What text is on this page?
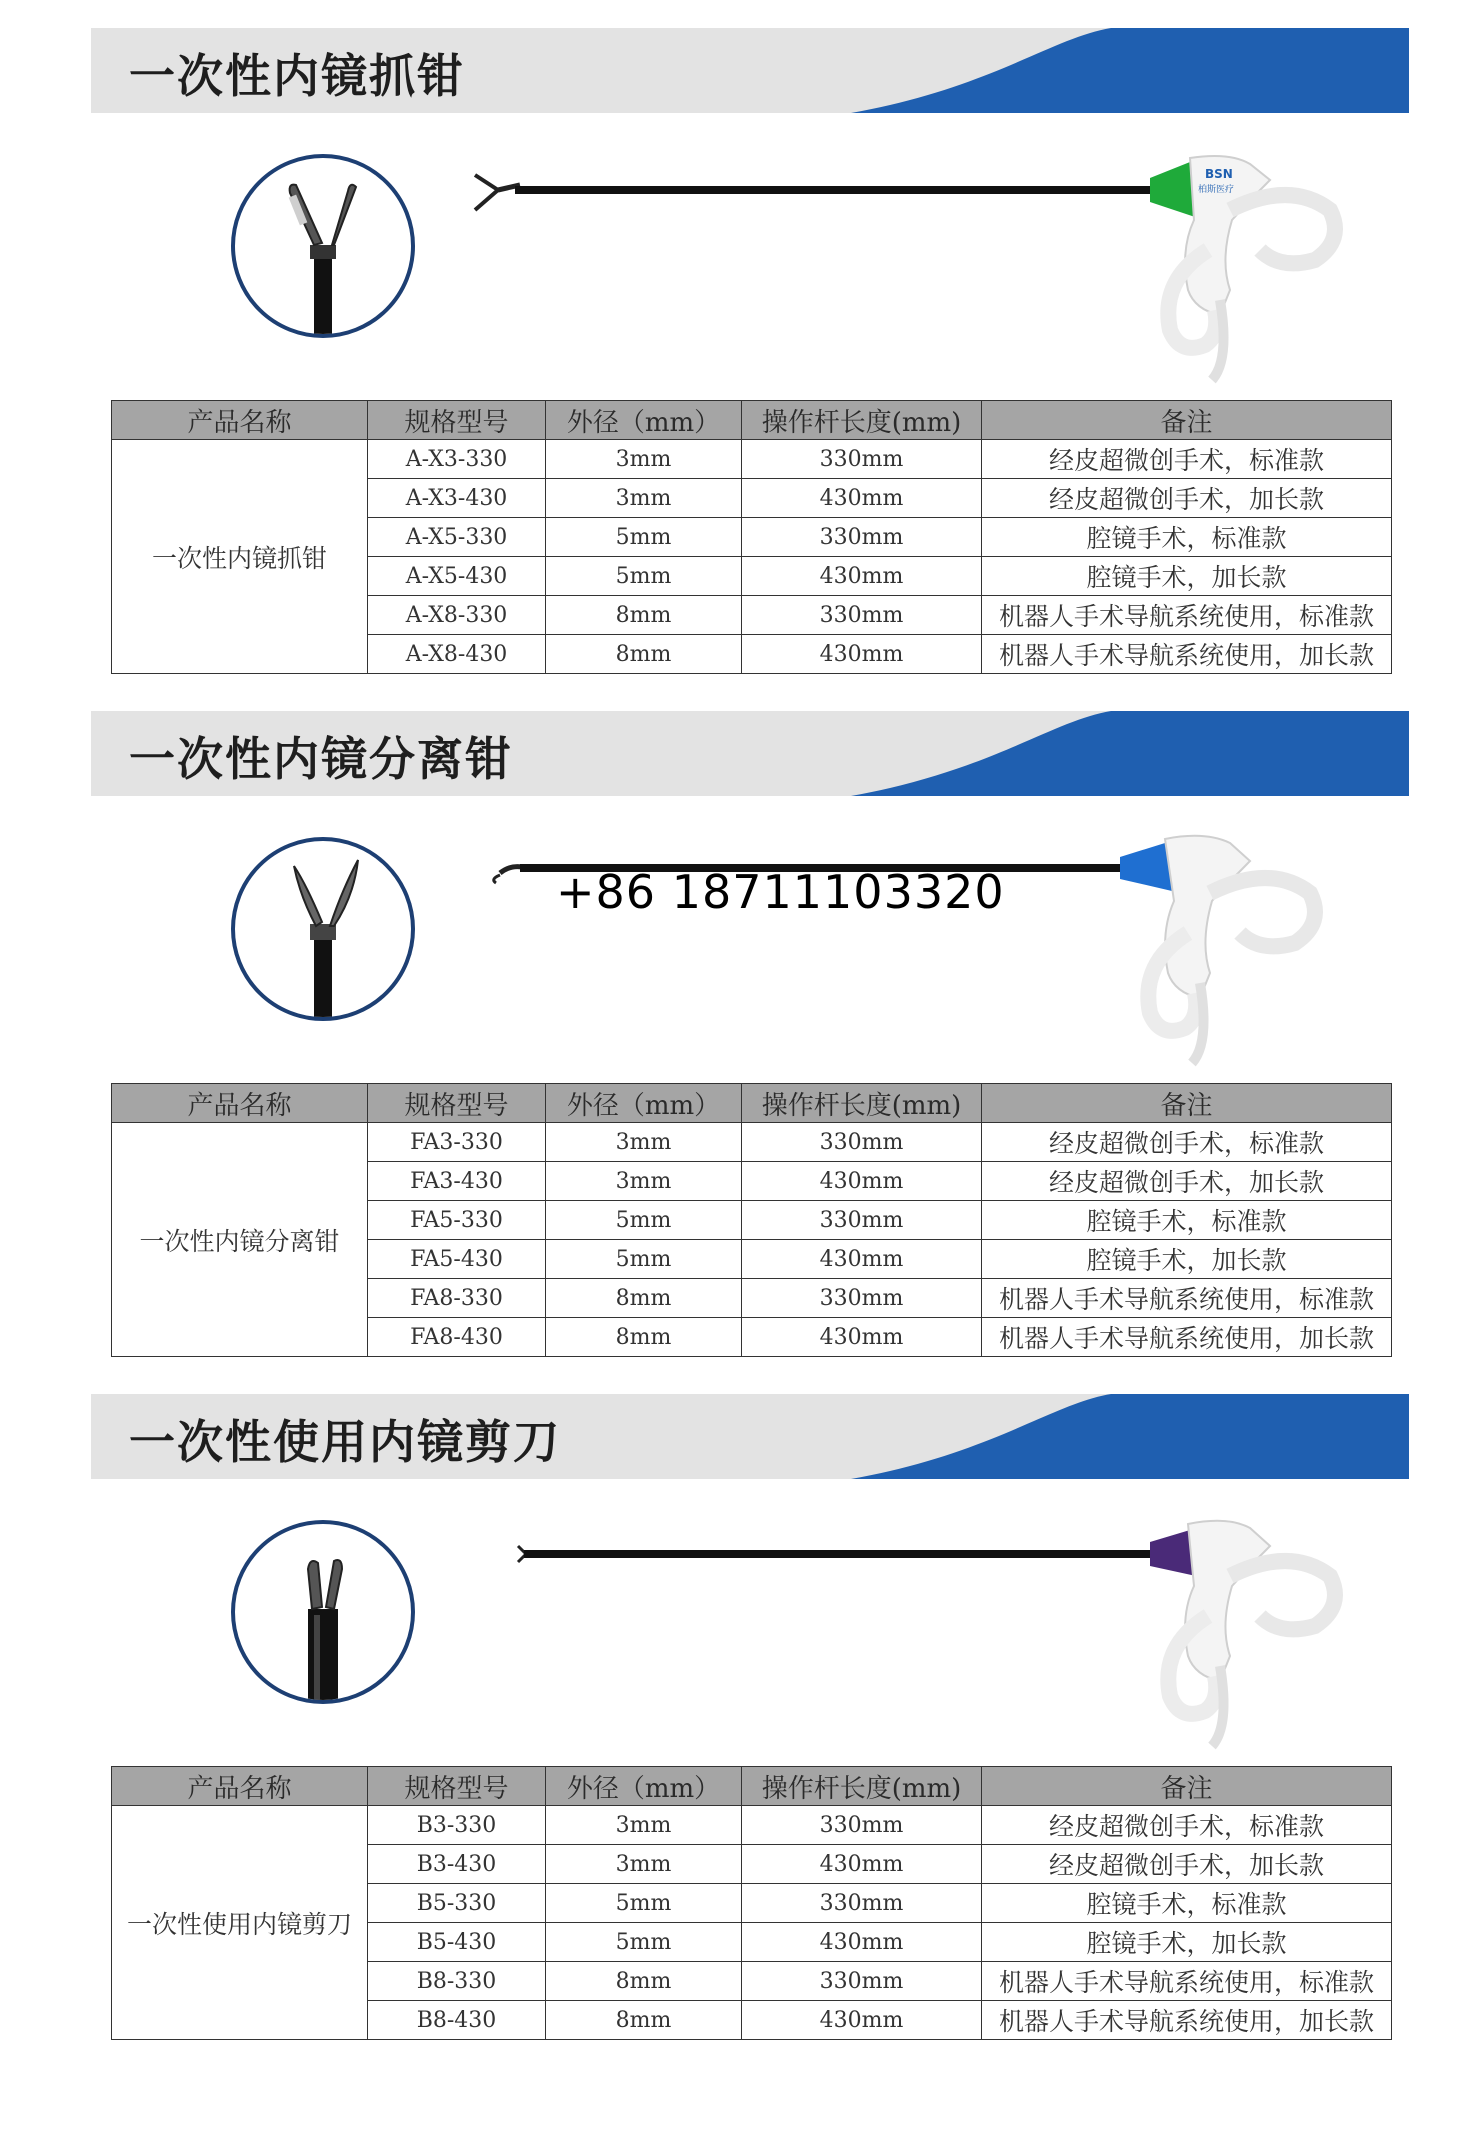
一次性内镜抓钳
BSN
柏斯医疗
产品名称	规格型号	外径（mm）	操作杆长度(mm)	备注
一次性内镜抓钳	A-X3-330	3mm	330mm	经皮超微创手术，标准款
	A-X3-430	3mm	430mm	经皮超微创手术，加长款
	A-X5-330	5mm	330mm	腔镜手术，标准款
	A-X5-430	5mm	430mm	腔镜手术，加长款
	A-X8-330	8mm	330mm	机器人手术导航系统使用，标准款
	A-X8-430	8mm	430mm	机器人手术导航系统使用，加长款
一次性内镜分离钳
产品名称	规格型号	外径（mm）	操作杆长度(mm)	备注
一次性内镜分离钳	FA3-330	3mm	330mm	经皮超微创手术，标准款
	FA3-430	3mm	430mm	经皮超微创手术，加长款
	FA5-330	5mm	330mm	腔镜手术，标准款
	FA5-430	5mm	430mm	腔镜手术，加长款
	FA8-330	8mm	330mm	机器人手术导航系统使用，标准款
	FA8-430	8mm	430mm	机器人手术导航系统使用，加长款
一次性使用内镜剪刀
产品名称	规格型号	外径（mm）	操作杆长度(mm)	备注
一次性使用内镜剪刀	B3-330	3mm	330mm	经皮超微创手术，标准款
	B3-430	3mm	430mm	经皮超微创手术，加长款
	B5-330	5mm	330mm	腔镜手术，标准款
	B5-430	5mm	430mm	腔镜手术，加长款
	B8-330	8mm	330mm	机器人手术导航系统使用，标准款
	B8-430	8mm	430mm	机器人手术导航系统使用，加长款
+86 18711103320
